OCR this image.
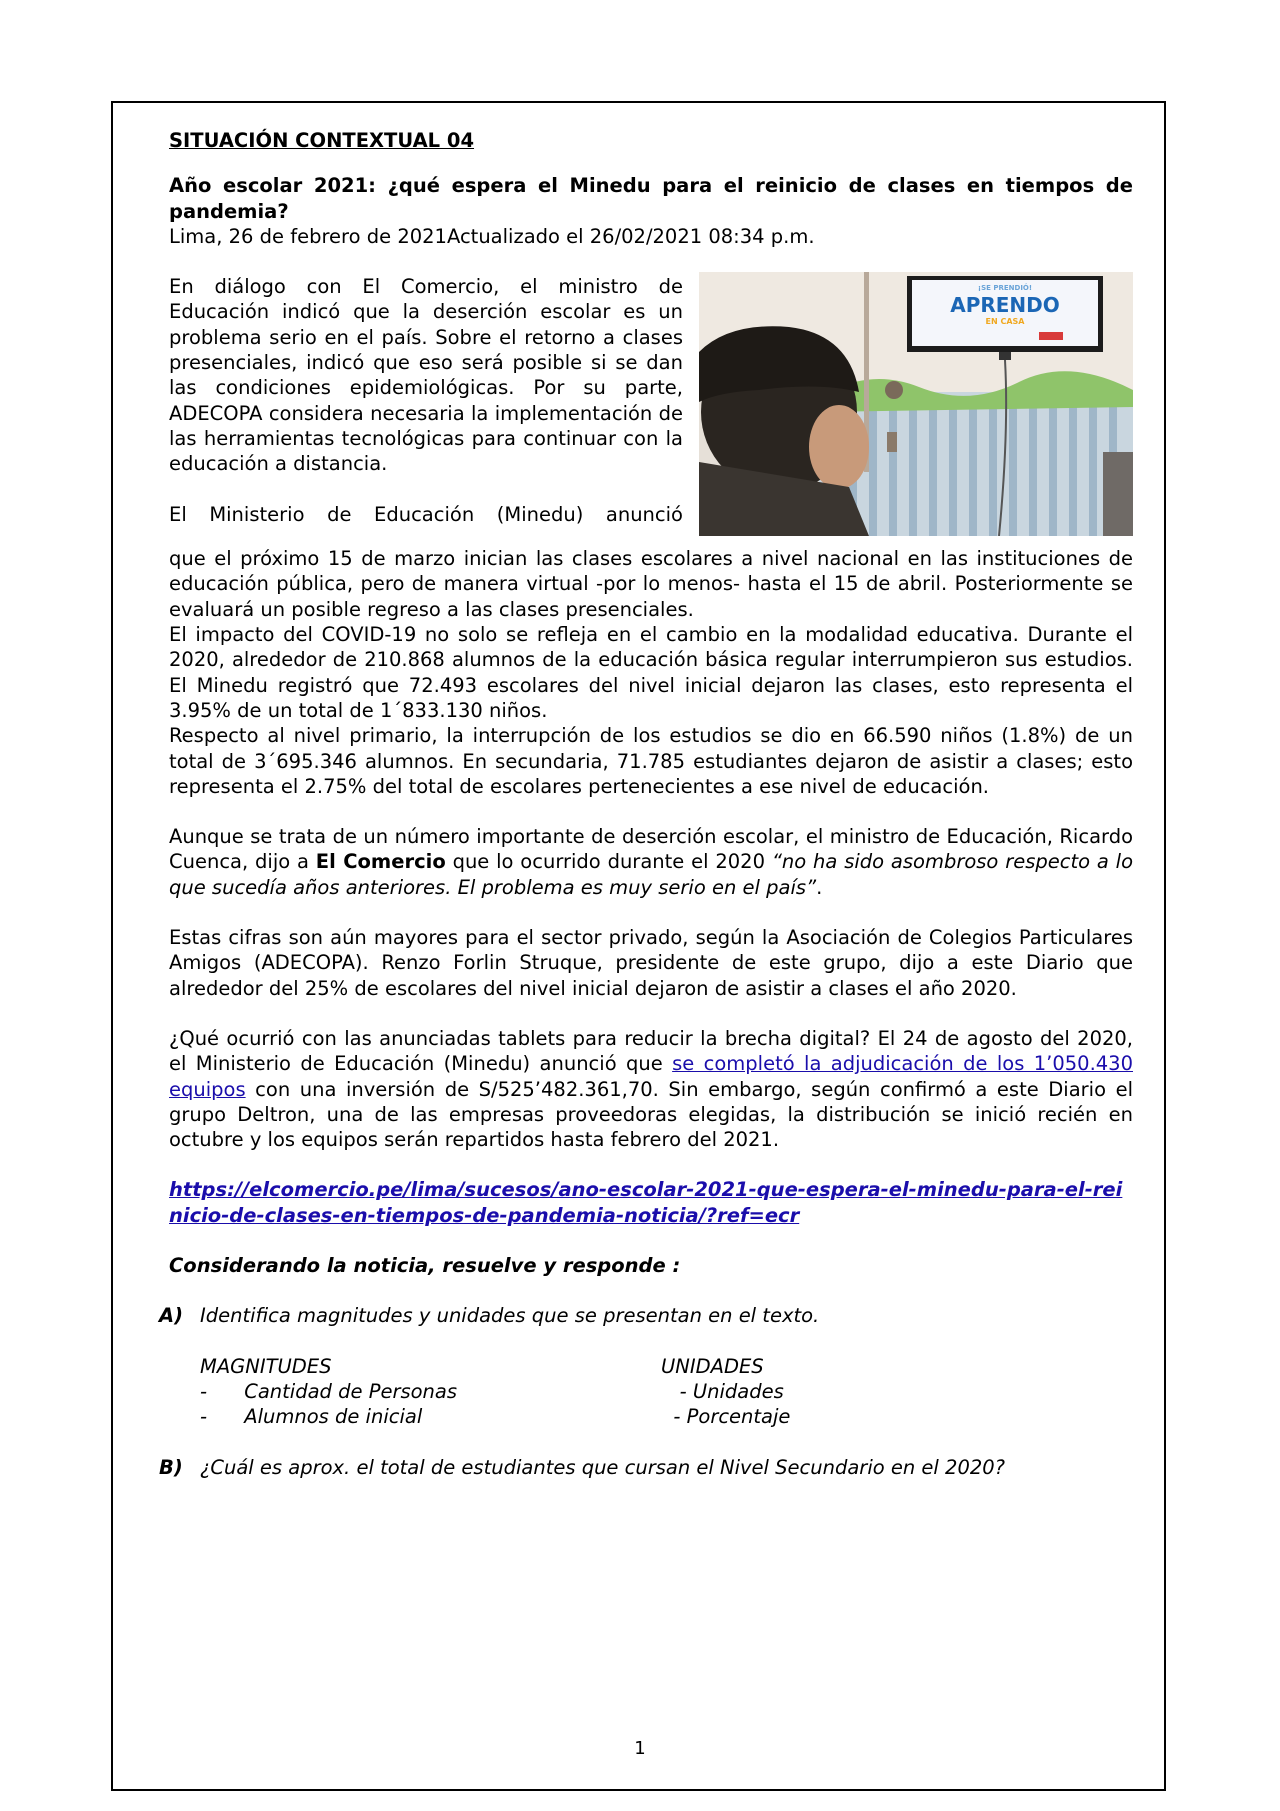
SITUACIÓN CONTEXTUAL 04

Año escolar 2021: ¿qué espera el Minedu para el reinicio de clases en tiempos de pandemia?

Lima, 26 de febrero de 2021Actualizado el 26/02/2021 08:34 p.m.

¡SE PRENDIÓ!
APRENDO
EN CASA

En diálogo con El Comercio, el ministro de Educación indicó que la deserción escolar es un problema serio en el país. Sobre el retorno a clases presenciales, indicó que eso será posible si se dan las condiciones epidemiológicas. Por su parte, ADECOPA considera necesaria la implementación de las herramientas tecnológicas para continuar con la educación a distancia.

El Ministerio de Educación (Minedu) anunció

que el próximo 15 de marzo inician las clases escolares a nivel nacional en las instituciones de educación pública, pero de manera virtual -por lo menos- hasta el 15 de abril. Posteriormente se evaluará un posible regreso a las clases presenciales.

El impacto del COVID-19 no solo se refleja en el cambio en la modalidad educativa. Durante el 2020, alrededor de 210.868 alumnos de la educación básica regular interrumpieron sus estudios. El Minedu registró que 72.493 escolares del nivel inicial dejaron las clases, esto representa el 3.95% de un total de 1´833.130 niños.

Respecto al nivel primario, la interrupción de los estudios se dio en 66.590 niños (1.8%) de un total de 3´695.346 alumnos. En secundaria, 71.785 estudiantes dejaron de asistir a clases; esto representa el 2.75% del total de escolares pertenecientes a ese nivel de educación.

Aunque se trata de un número importante de deserción escolar, el ministro de Educación, Ricardo Cuenca, dijo a El Comercio que lo ocurrido durante el 2020 “no ha sido asombroso respecto a lo que sucedía años anteriores. El problema es muy serio en el país”.

Estas cifras son aún mayores para el sector privado, según la Asociación de Colegios Particulares Amigos (ADECOPA). Renzo Forlin Struque, presidente de este grupo, dijo a este Diario que alrededor del 25% de escolares del nivel inicial dejaron de asistir a clases el año 2020.

¿Qué ocurrió con las anunciadas tablets para reducir la brecha digital? El 24 de agosto del 2020, el Ministerio de Educación (Minedu) anunció que se completó la adjudicación de los 1’050.430 equipos con una inversión de S/525’482.361,70. Sin embargo, según confirmó a este Diario el grupo Deltron, una de las empresas proveedoras elegidas, la distribución se inició recién en octubre y los equipos serán repartidos hasta febrero del 2021.

https://elcomercio.pe/lima/sucesos/ano-escolar-2021-que-espera-el-minedu-para-el-reinicio-de-clases-en-tiempos-de-pandemia-noticia/?ref=ecr

Considerando la noticia, resuelve y responde :

A) Identifica magnitudes y unidades que se presentan en el texto.
MAGNITUDES
-      Cantidad de Personas
-      Alumnos de inicial
UNIDADES
- Unidades
- Porcentaje
B) ¿Cuál es aprox. el total de estudiantes que cursan el Nivel Secundario en el 2020?
1
